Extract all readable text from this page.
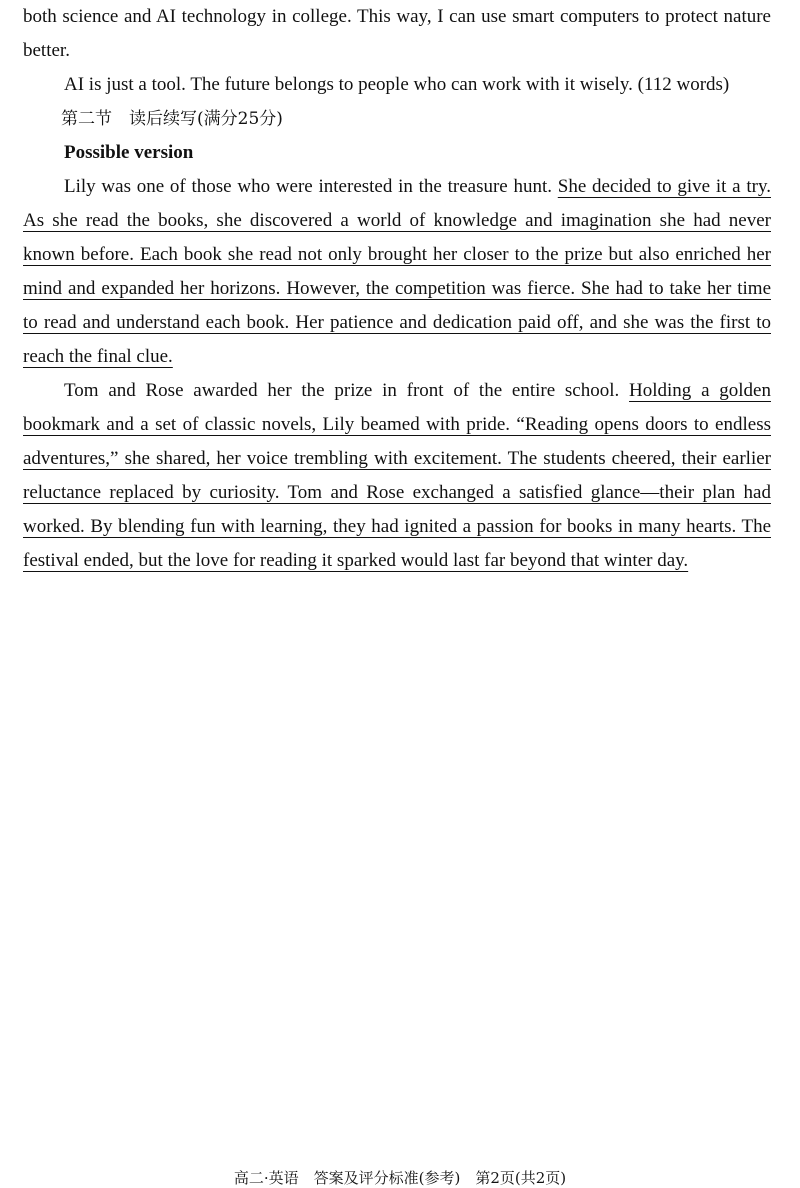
both science and AI technology in college. This way, I can use smart computers to protect nature better.

AI is just a tool. The future belongs to people who can work with it wisely. (112 words)

第二节　读后续写(满分25分)

Possible version

Lily was one of those who were interested in the treasure hunt. She decided to give it a try. As she read the books, she discovered a world of knowledge and imagination she had never known before. Each book she read not only brought her closer to the prize but also enriched her mind and expanded her horizons. However, the competition was fierce. She had to take her time to read and understand each book. Her patience and dedication paid off, and she was the first to reach the final clue.

Tom and Rose awarded her the prize in front of the entire school. Holding a golden bookmark and a set of classic novels, Lily beamed with pride. “Reading opens doors to endless adventures,” she shared, her voice trembling with excitement. The students cheered, their earlier reluctance replaced by curiosity. Tom and Rose exchanged a satisfied glance—their plan had worked. By blending fun with learning, they had ignited a passion for books in many hearts. The festival ended, but the love for reading it sparked would last far beyond that winter day.

高二·英语　答案及评分标准(参考)　第2页(共2页)
